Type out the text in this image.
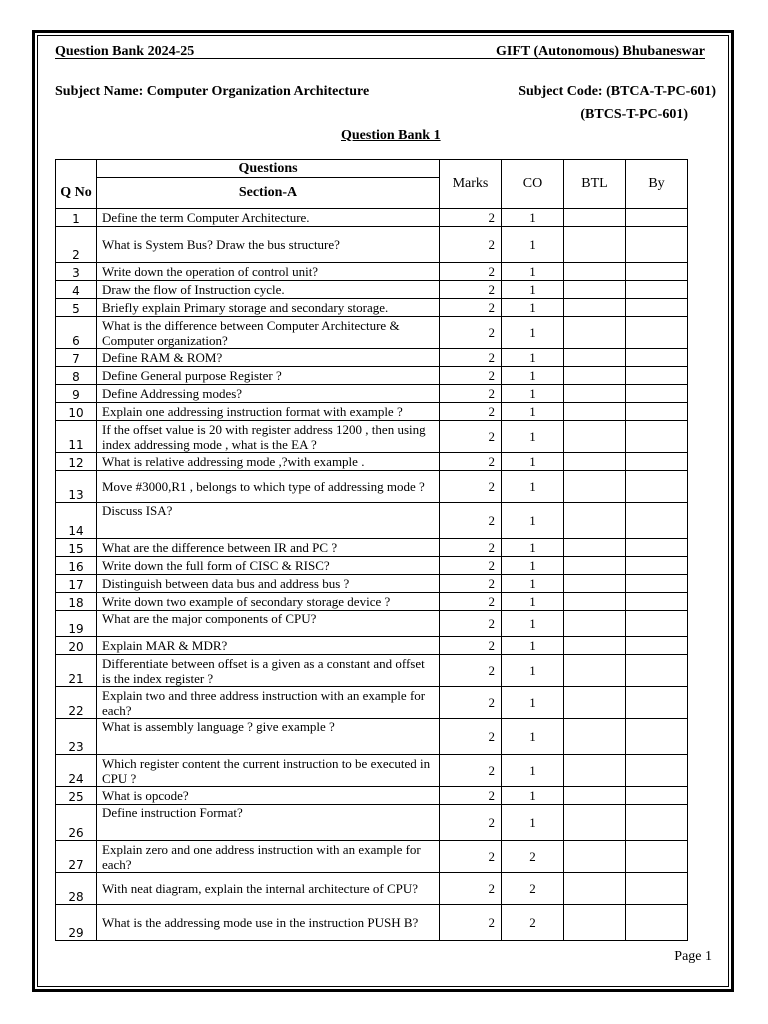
Question Bank 2024-25	GIFT (Autonomous) Bhubaneswar
Subject Name: Computer Organization Architecture	Subject Code: (BTCA-T-PC-601)
(BTCS-T-PC-601)
Question Bank 1
	Questions	Marks	CO	BTL	By
Q No	Section-A				
1	Define the term Computer Architecture.	2	1		
2	What is System Bus? Draw the bus structure?	2	1		
3	Write down the operation of control unit?	2	1		
4	Draw the flow of Instruction cycle.	2	1		
5	Briefly explain Primary storage and secondary storage.	2	1		
6	What is the difference between Computer Architecture & Computer organization?	2	1		
7	Define RAM & ROM?	2	1		
8	Define General purpose Register ?	2	1		
9	Define Addressing modes?	2	1		
10	Explain one addressing instruction format with example ?	2	1		
11	If the offset value is 20 with register address 1200 , then using index addressing mode , what is the EA ?	2	1		
12	What is relative addressing mode ,?with example .	2	1		
13	Move #3000,R1 , belongs to which type of addressing mode ?	2	1		
14	Discuss ISA?	2	1		
15	What are the difference between IR and PC ?	2	1		
16	Write down the full form of CISC & RISC?	2	1		
17	Distinguish between data bus and address bus ?	2	1		
18	Write down two example of secondary storage device ?	2	1		
19	What are the major components of CPU?	2	1		
20	Explain MAR & MDR?	2	1		
21	Differentiate between offset is a given as a constant and offset is the index register ?	2	1		
22	Explain two and three address instruction with an example for each?	2	1		
23	What is assembly language ? give example ?	2	1		
24	Which register content the current instruction to be executed in CPU ?	2	1		
25	What is opcode?	2	1		
26	Define instruction Format?	2	1		
27	Explain zero and one address instruction with an example for each?	2	2		
28	With neat diagram, explain the internal architecture of CPU?	2	2		
29	What is the addressing mode use in the instruction PUSH B?	2	2		
Page 1
